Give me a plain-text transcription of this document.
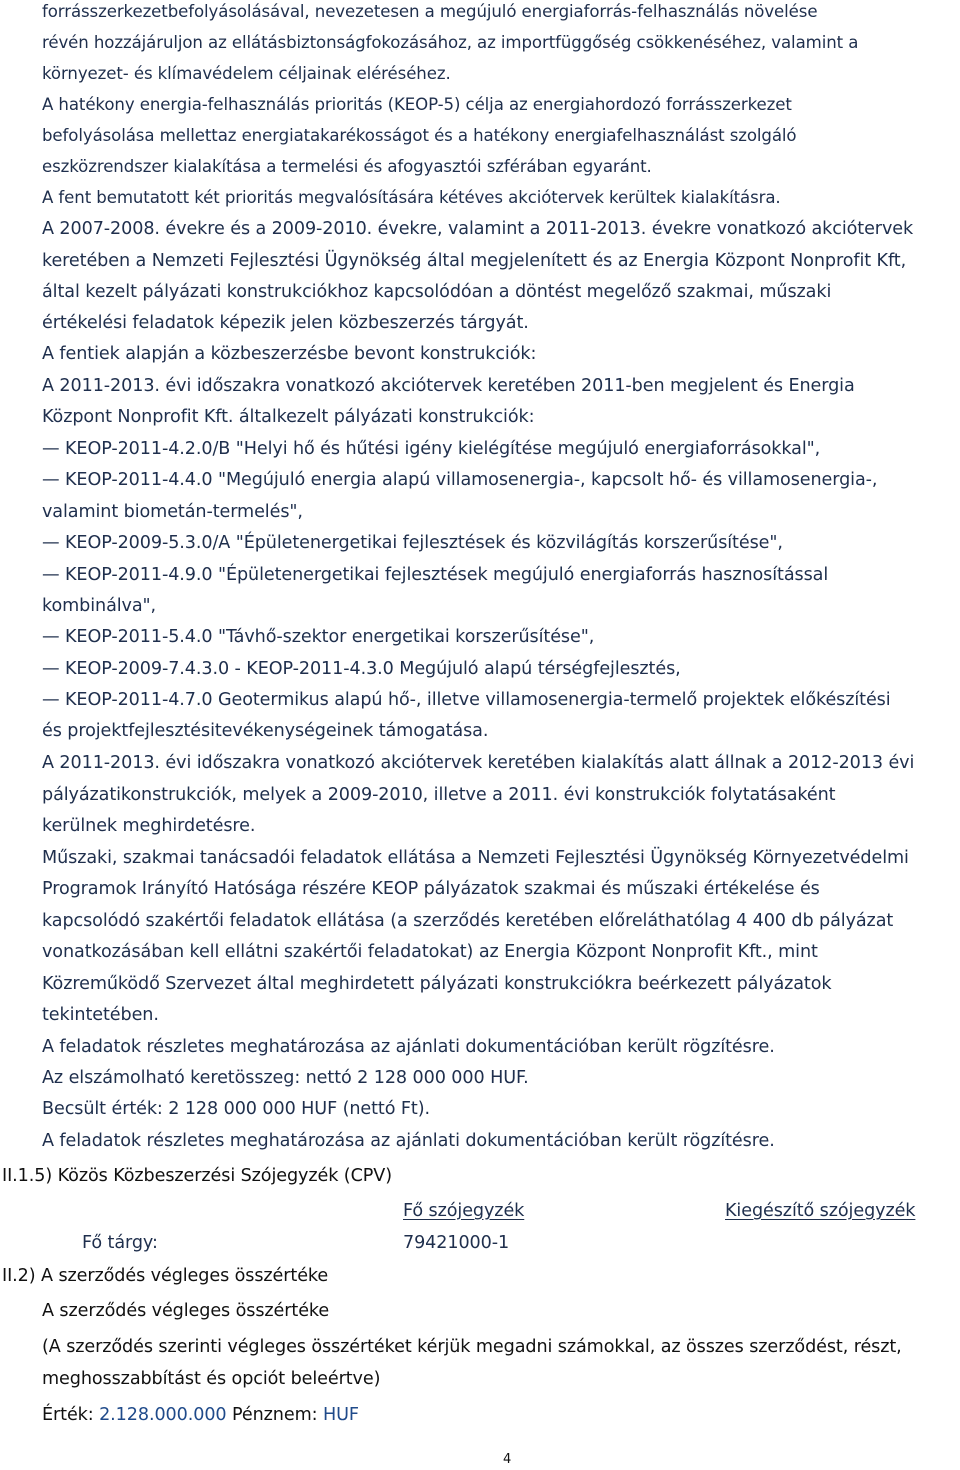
forrásszerkezetbefolyásolásával, nevezetesen a megújuló energiaforrás-felhasználás növelése
révén hozzájáruljon az ellátásbiztonságfokozásához, az importfüggőség csökkenéséhez, valamint a
környezet- és klímavédelem céljainak eléréséhez.
A hatékony energia-felhasználás prioritás (KEOP-5) célja az energiahordozó forrásszerkezet
befolyásolása mellettaz energiatakarékosságot és a hatékony energiafelhasználást szolgáló
eszközrendszer kialakítása a termelési és afogyasztói szférában egyaránt.
A fent bemutatott két prioritás megvalósítására kétéves akciótervek kerültek kialakításra.
A 2007-2008. évekre és a 2009-2010. évekre, valamint a 2011-2013. évekre vonatkozó akciótervek
keretében a Nemzeti Fejlesztési Ügynökség által megjelenített és az Energia Központ Nonprofit Kft,
által kezelt pályázati konstrukciókhoz kapcsolódóan a döntést megelőző szakmai, műszaki
értékelési feladatok képezik jelen közbeszerzés tárgyát.
A fentiek alapján a közbeszerzésbe bevont konstrukciók:
A 2011-2013. évi időszakra vonatkozó akciótervek keretében 2011-ben megjelent és Energia
Központ Nonprofit Kft. általkezelt pályázati konstrukciók:
— KEOP-2011-4.2.0/B "Helyi hő és hűtési igény kielégítése megújuló energiaforrásokkal",
— KEOP-2011-4.4.0 "Megújuló energia alapú villamosenergia-, kapcsolt hő- és villamosenergia-,
valamint biometán-termelés",
— KEOP-2009-5.3.0/A "Épületenergetikai fejlesztések és közvilágítás korszerűsítése",
— KEOP-2011-4.9.0 "Épületenergetikai fejlesztések megújuló energiaforrás hasznosítással
kombinálva",
— KEOP-2011-5.4.0 "Távhő-szektor energetikai korszerűsítése",
— KEOP-2009-7.4.3.0 - KEOP-2011-4.3.0 Megújuló alapú térségfejlesztés,
— KEOP-2011-4.7.0 Geotermikus alapú hő-, illetve villamosenergia-termelő projektek előkészítési
és projektfejlesztésitevékenységeinek támogatása.
A 2011-2013. évi időszakra vonatkozó akciótervek keretében kialakítás alatt állnak a 2012-2013 évi
pályázatikonstrukciók, melyek a 2009-2010, illetve a 2011. évi konstrukciók folytatásaként
kerülnek meghirdetésre.
Műszaki, szakmai tanácsadói feladatok ellátása a Nemzeti Fejlesztési Ügynökség Környezetvédelmi
Programok Irányító Hatósága részére KEOP pályázatok szakmai és műszaki értékelése és
kapcsolódó szakértői feladatok ellátása (a szerződés keretében előreláthatólag 4 400 db pályázat
vonatkozásában kell ellátni szakértői feladatokat) az Energia Központ Nonprofit Kft., mint
Közreműködő Szervezet által meghirdetett pályázati konstrukciókra beérkezett pályázatok
tekintetében.
A feladatok részletes meghatározása az ajánlati dokumentációban került rögzítésre.
Az elszámolható keretösszeg: nettó 2 128 000 000 HUF.
Becsült érték: 2 128 000 000 HUF (nettó Ft).
A feladatok részletes meghatározása az ajánlati dokumentációban került rögzítésre.
II.1.5) Közös Közbeszerzési Szójegyzék (CPV)
Fő szójegyzék	Kiegészítő szójegyzék
Fő tárgy:	79421000-1
II.2) A szerződés végleges összértéke
A szerződés végleges összértéke
(A szerződés szerinti végleges összértéket kérjük megadni számokkal, az összes szerződést, részt,
meghosszabbítást és opciót beleértve)
Érték: 2.128.000.000 Pénznem: HUF
4
